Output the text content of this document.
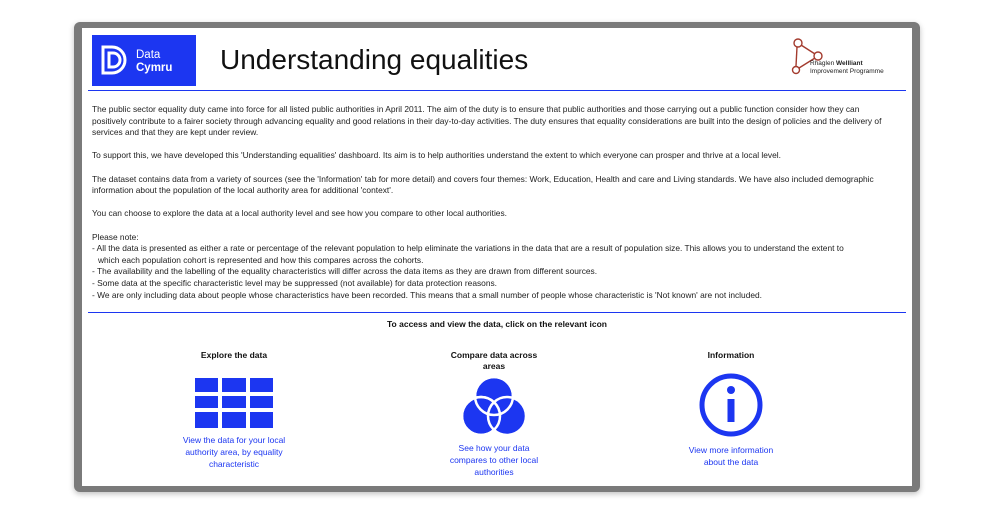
Data
Cymru Understanding equalities	Rhaglen Wellliant
Improvement Programme

The public sector equality duty came into force for all listed public authorities in April 2011. The aim of the duty is to ensure that public authorities and those carrying out a public function consider how they can positively contribute to a fairer society through advancing equality and good relations in their day-to-day activities. The duty ensures that equality considerations are built into the design of policies and the delivery of services and that they are kept under review.

To support this, we have developed this 'Understanding equalities' dashboard. Its aim is to help authorities understand the extent to which everyone can prosper and thrive at a local level.

The dataset contains data from a variety of sources (see the 'Information' tab for more detail) and covers four themes: Work, Education, Health and care and Living standards. We have also included demographic information about the population of the local authority area for additional 'context'.

You can choose to explore the data at a local authority level and see how you compare to other local authorities.

Please note:

- All the data is presented as either a rate or percentage of the relevant population to help eliminate the variations in the data that are a result of population size. This allows you to understand the extent to

which each population cohort is represented and how this compares across the cohorts.

- The availability and the labelling of the equality characteristics will differ across the data items as they are drawn from different sources.

- Some data at the specific characteristic level may be suppressed (not available) for data protection reasons.

- We are only including data about people whose characteristics have been recorded. This means that a small number of people whose characteristic is 'Not known' are not included.

To access and view the data, click on the relevant icon
Explore the data
View the data for your local
authority area, by equality
characteristic
Compare data across
areas
See how your data
compares to other local
authorities
Information
View more information
about the data
